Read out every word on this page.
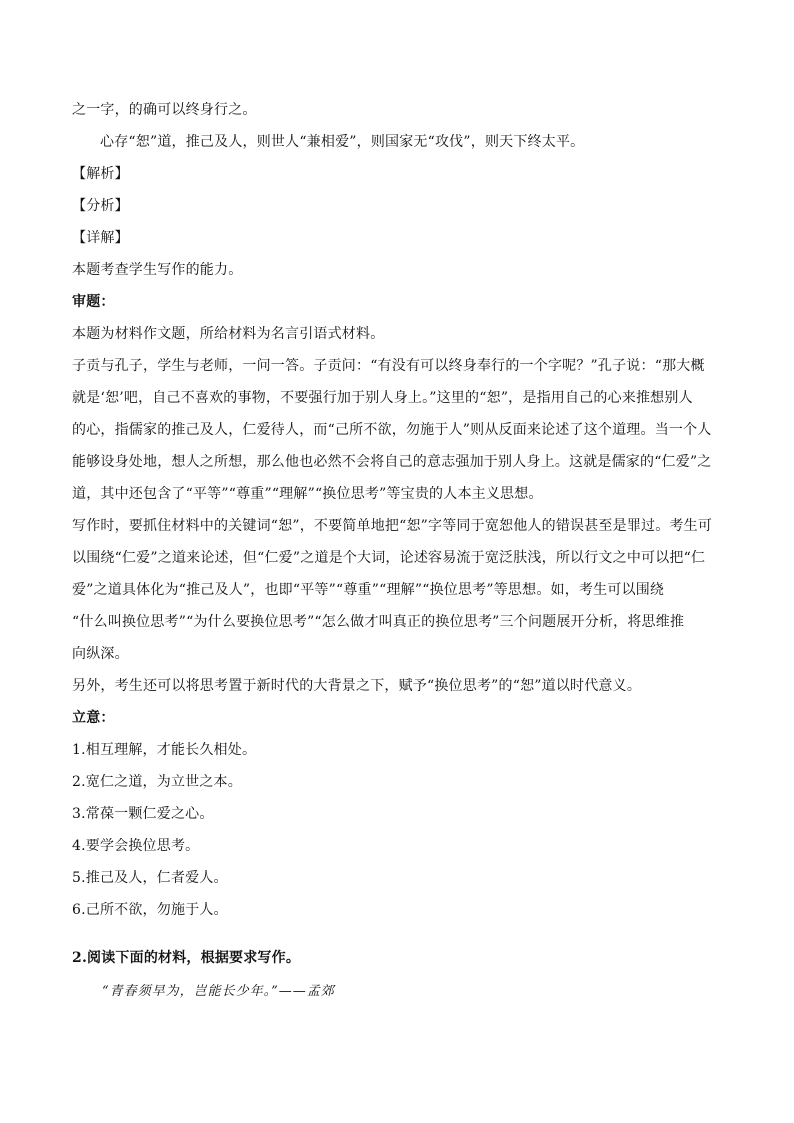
之一字，的确可以终身行之。
心存“恕”道，推己及人，则世人“兼相爱”，则国家无“攻伐”，则天下终太平。
【解析】
【分析】
【详解】
本题考查学生写作的能力。
审题：
本题为材料作文题，所给材料为名言引语式材料。
子贡与孔子，学生与老师，一问一答。子贡问：“有没有可以终身奉行的一个字呢？”孔子说：“那大概
就是‘恕’吧，自己不喜欢的事物，不要强行加于别人身上。”这里的“恕”，是指用自己的心来推想别人
的心，指儒家的推己及人，仁爱待人，而“己所不欲，勿施于人”则从反面来论述了这个道理。当一个人
能够设身处地，想人之所想，那么他也必然不会将自己的意志强加于别人身上。这就是儒家的“仁爱”之
道，其中还包含了“平等”“尊重”“理解”“换位思考”等宝贵的人本主义思想。
写作时，要抓住材料中的关键词“恕”，不要简单地把“恕”字等同于宽恕他人的错误甚至是罪过。考生可
以围绕“仁爱”之道来论述，但“仁爱”之道是个大词，论述容易流于宽泛肤浅，所以行文之中可以把“仁
爱”之道具体化为“推己及人”，也即“平等”“尊重”“理解”“换位思考”等思想。如，考生可以围绕
“什么叫换位思考”“为什么要换位思考”“怎么做才叫真正的换位思考”三个问题展开分析，将思维推
向纵深。
另外，考生还可以将思考置于新时代的大背景之下，赋予“换位思考”的“恕”道以时代意义。
立意：
1.相互理解，才能长久相处。
2.宽仁之道，为立世之本。
3.常葆一颗仁爱之心。
4.要学会换位思考。
5.推己及人，仁者爱人。
6.己所不欲，勿施于人。
2.阅读下面的材料，根据要求写作。
“青春须早为，岂能长少年。”——孟郊
